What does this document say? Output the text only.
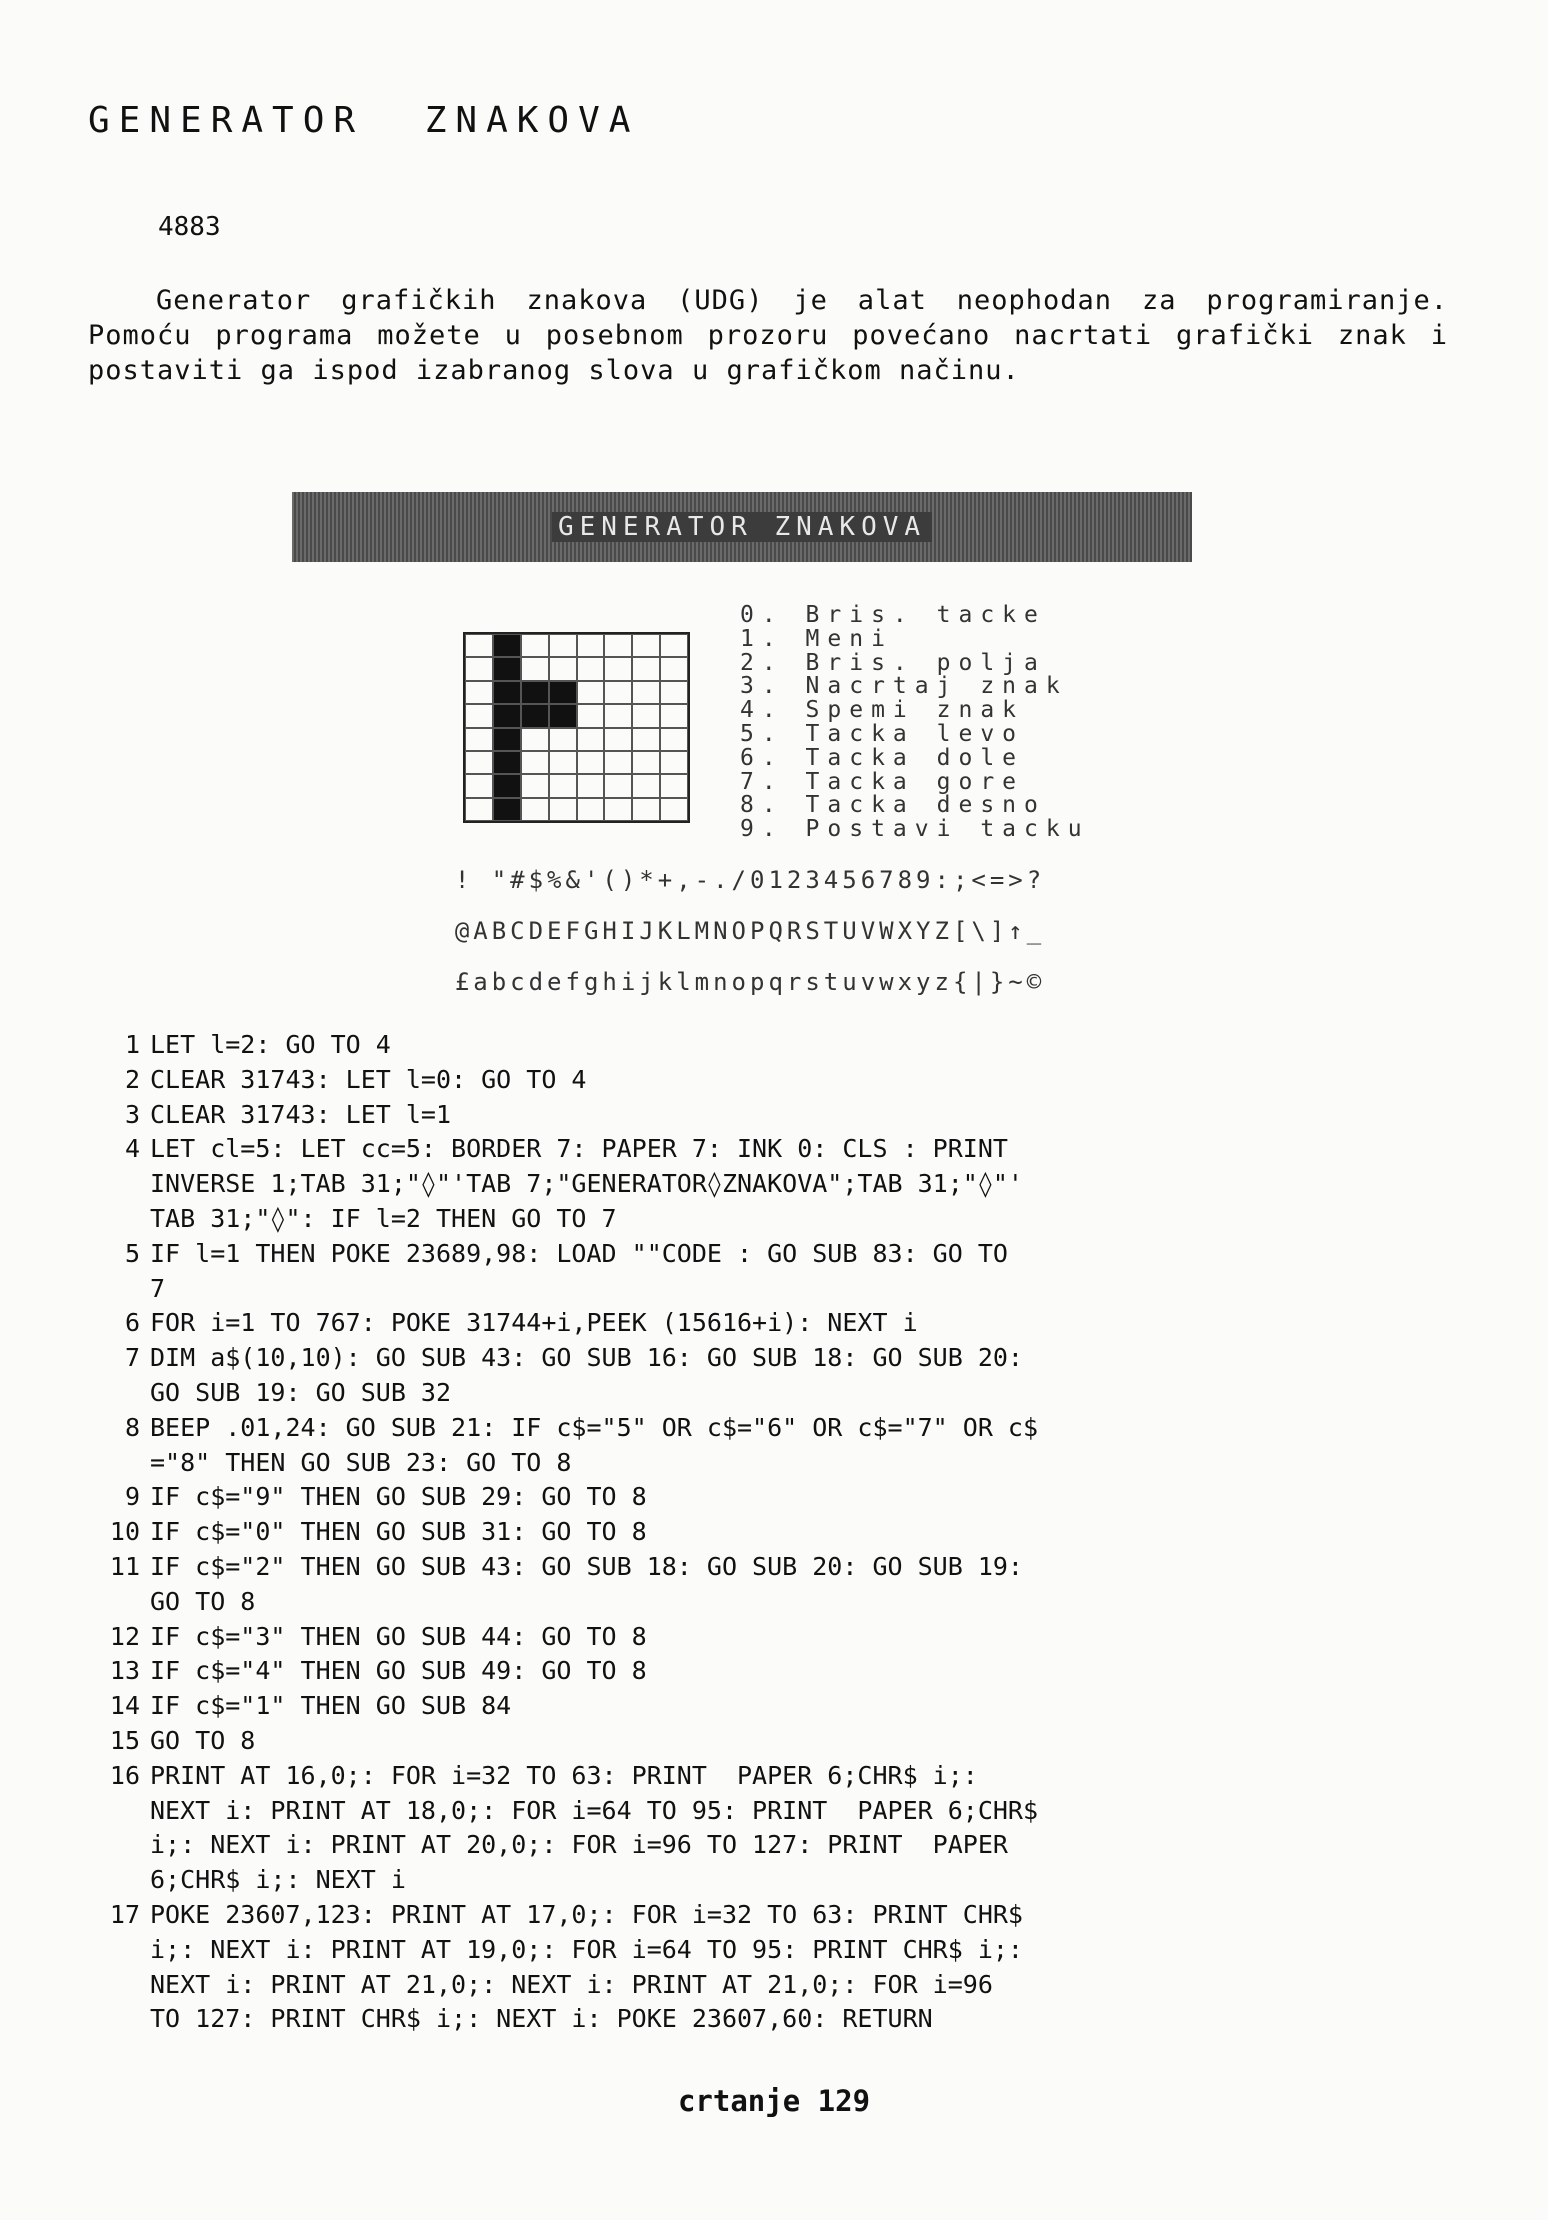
GENERATOR ZNAKOVA
4883
Generator grafičkih znakova (UDG) je alat neophodan za programiranje. Pomoću programa možete u posebnom prozoru povećano nacrtati grafički znak i postaviti ga ispod izabranog slova u grafičkom načinu.
GENERATOR ZNAKOVA
0. Bris. tacke
1. Meni
2. Bris. polja
3. Nacrtaj znak
4. Spemi znak
5. Tacka levo
6. Tacka dole
7. Tacka gore
8. Tacka desno
9. Postavi tacku
! "#$%&'()*+,-./0123456789:;<=>?
@ABCDEFGHIJKLMNOPQRSTUVWXYZ[\]↑_
£abcdefghijklmnopqrstuvwxyz{|}~©
1 LET l=2: GO TO 4
2 CLEAR 31743: LET l=0: GO TO 4
3 CLEAR 31743: LET l=1
4 LET cl=5: LET cc=5: BORDER 7: PAPER 7: INK 0: CLS : PRINT
INVERSE 1;TAB 31;"◊"'TAB 7;"GENERATOR◊ZNAKOVA";TAB 31;"◊"'
TAB 31;"◊": IF l=2 THEN GO TO 7
5 IF l=1 THEN POKE 23689,98: LOAD ""CODE : GO SUB 83: GO TO
7
6 FOR i=1 TO 767: POKE 31744+i,PEEK (15616+i): NEXT i
7 DIM a$(10,10): GO SUB 43: GO SUB 16: GO SUB 18: GO SUB 20:
GO SUB 19: GO SUB 32
8 BEEP .01,24: GO SUB 21: IF c$="5" OR c$="6" OR c$="7" OR c$
="8" THEN GO SUB 23: GO TO 8
9 IF c$="9" THEN GO SUB 29: GO TO 8
10 IF c$="0" THEN GO SUB 31: GO TO 8
11 IF c$="2" THEN GO SUB 43: GO SUB 18: GO SUB 20: GO SUB 19:
GO TO 8
12 IF c$="3" THEN GO SUB 44: GO TO 8
13 IF c$="4" THEN GO SUB 49: GO TO 8
14 IF c$="1" THEN GO SUB 84
15 GO TO 8
16 PRINT AT 16,0;: FOR i=32 TO 63: PRINT  PAPER 6;CHR$ i;:
NEXT i: PRINT AT 18,0;: FOR i=64 TO 95: PRINT  PAPER 6;CHR$
i;: NEXT i: PRINT AT 20,0;: FOR i=96 TO 127: PRINT  PAPER
6;CHR$ i;: NEXT i
17 POKE 23607,123: PRINT AT 17,0;: FOR i=32 TO 63: PRINT CHR$
i;: NEXT i: PRINT AT 19,0;: FOR i=64 TO 95: PRINT CHR$ i;:
NEXT i: PRINT AT 21,0;: NEXT i: PRINT AT 21,0;: FOR i=96
TO 127: PRINT CHR$ i;: NEXT i: POKE 23607,60: RETURN
crtanje 129
